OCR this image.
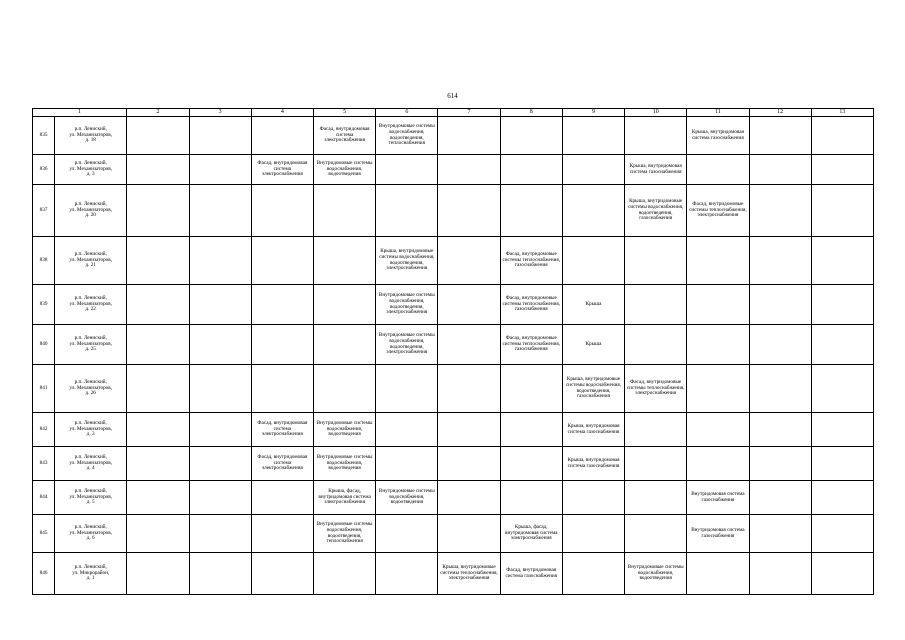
614
1		2	3	4	5	6	7	8	9	10	11	12	13
835	р.п. Лениский,
ул. Механизаторов,
д. 18				Фасад, внутридомовая система электроснабжения	Внутридомовые системы водоснабжения, водоотведения, теплоснабжения					Крыша, внутридомовая система газоснабжения		
836	р.п. Лениский,
ул. Механизаторов,
д. 3			Фасад, внутридомовая система электроснабжения	Внутридомовые системы водоснабжения, водоотведения					Крыша, внутридомовая система газоснабжения			
837	р.п. Лениский,
ул. Механизаторов,
д. 20									Крыша, внутридомовые системы водоснабжения, водоотведения, газоснабжения	Фасад, внутридомовые системы теплоснабжения, электроснабжения		
838	р.п. Лениский,
ул. Механизаторов,
д. 21					Крыша, внутридомовые системы водоснабжения, водоотведения, электроснабжения		Фасад, внутридомовые системы теплоснабжения, газоснабжения					
839	р.п. Лениский,
ул. Механизаторов,
д. 22					Внутридомовые системы водоснабжения, водоотведения, электроснабжения		Фасад, внутридомовые системы теплоснабжения, газоснабжения	Крыша				
840	р.п. Лениский,
ул. Механизаторов,
д. 25					Внутридомовые системы водоснабжения, водоотведения, электроснабжения		Фасад, внутридомовые системы теплоснабжения, газоснабжения	Крыша				
841	р.п. Лениский,
ул. Механизаторов,
д. 26								Крыша, внутридомовые системы водоснабжения, водоотведения, газоснабжения	Фасад, внутридомовые системы теплоснабжения, электроснабжения			
842	р.п. Лениский,
ул. Механизаторов,
д. 3			Фасад, внутридомовая система электроснабжения	Внутридомовые системы водоснабжения, водоотведения				Крыша, внутридомовая система газоснабжения				
843	р.п. Лениский,
ул. Механизаторов,
д. 4			Фасад, внутридомовая система электроснабжения	Внутридомовые системы водоснабжения, водоотведения				Крыша, внутридомовая система газоснабжения				
844	р.п. Лениский,
ул. Механизаторов,
д. 5				Крыша, фасад, внутридомовая система электроснабжения	Внутридомовые системы водоснабжения, водоотведения					Внутридомовая система газоснабжения		
845	р.п. Лениский,
ул. Механизаторов,
д. 6				Внутридомовые системы водоснабжения, водоотведения, теплоснабжения			Крыша, фасад, внутридомовая система электроснабжения			Внутридомовая система газоснабжения		
846	р.п. Лениский,
ул. Микрорайон,
д. 1						Крыша, внутридомовые системы теплоснабжения, электроснабжения	Фасад, внутридомовая система газоснабжения		Внутридомовые системы водоснабжения, водоотведения			
